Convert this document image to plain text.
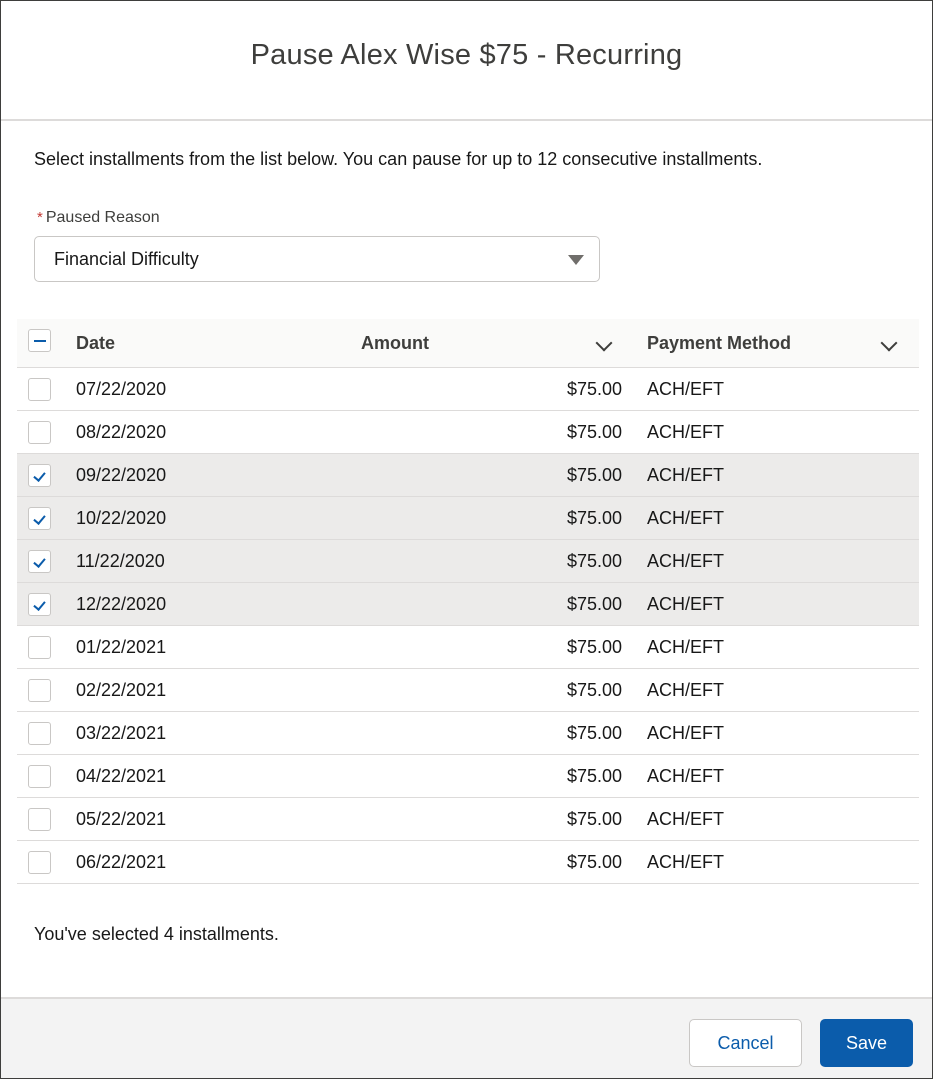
Pause Alex Wise $75 - Recurring

Select installments from the list below. You can pause for up to 12 consecutive installments.

* Paused Reason
Financial Difficulty
Date	Amount	Payment Method
07/22/2020	$75.00 ACH/EFT
08/22/2020	$75.00 ACH/EFT
09/22/2020	$75.00 ACH/EFT
10/22/2020	$75.00 ACH/EFT
11/22/2020	$75.00 ACH/EFT
12/22/2020	$75.00 ACH/EFT
01/22/2021	$75.00 ACH/EFT
02/22/2021	$75.00 ACH/EFT
03/22/2021	$75.00 ACH/EFT
04/22/2021	$75.00 ACH/EFT
05/22/2021	$75.00 ACH/EFT
06/22/2021	$75.00 ACH/EFT

You've selected 4 installments.

Cancel	Save
